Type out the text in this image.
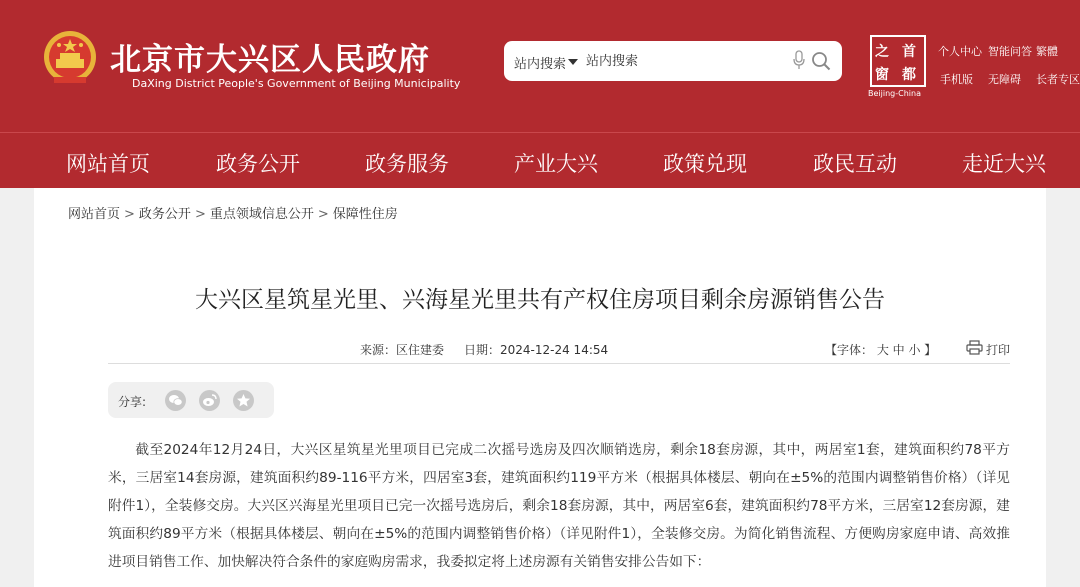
北京市大兴区人民政府
DaXing District People's Government of Beijing Municipality
站内搜索
站内搜索
之 首
窗 都
Beijing-China
个人中心 智能问答 繁體
手机版 无障碍 长者专区
网站首页	政务公开	政务服务	产业大兴	政策兑现	政民互动	走近大兴
网站首页 > 政务公开 > 重点领域信息公开 > 保障性住房
大兴区星筑星光里、兴海星光里共有产权住房项目剩余房源销售公告
来源：区住建委 日期：2024-12-24 14:54	【字体： 大 中 小 】	打印
分享:

截至2024年12月24日，大兴区星筑星光里项目已完成二次摇号选房及四次顺销选房，剩余18套房源，其中，两居室1套，建筑面积约78平方米，三居室14套房源，建筑面积约89-116平方米，四居室3套，建筑面积约119平方米（根据具体楼层、朝向在±5%的范围内调整销售价格）（详见附件1），全装修交房。大兴区兴海星光里项目已完一次摇号选房后，剩余18套房源，其中，两居室6套，建筑面积约78平方米，三居室12套房源，建筑面积约89平方米（根据具体楼层、朝向在±5%的范围内调整销售价格）（详见附件1），全装修交房。为简化销售流程、方便购房家庭申请、高效推进项目销售工作、加快解决符合条件的家庭购房需求，我委拟定将上述房源有关销售安排公告如下：
